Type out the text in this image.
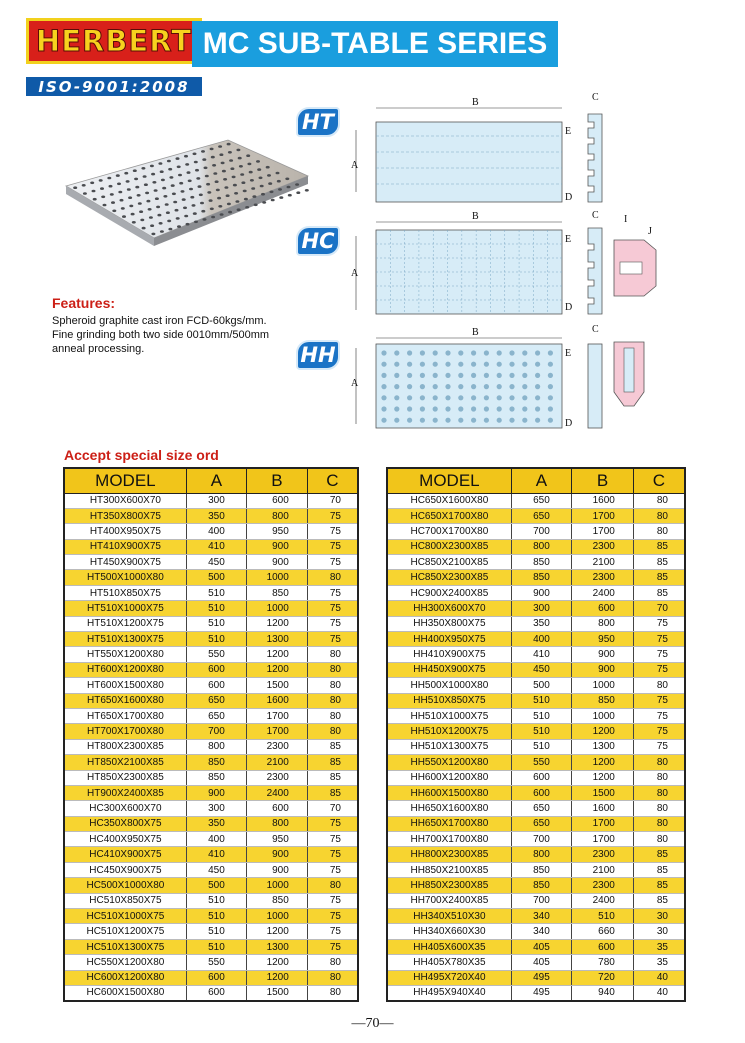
HERBERT
ISO-9001:2008
MC SUB-TABLE SERIES
Features:
Spheroid graphite cast iron FCD-60kgs/mm.
Fine grinding both two side 0010mm/500mm
anneal processing.
HT
B
A
C
E
D
HC
B
A
C
E
D
I
J
HH
B
A
C
E
D
Accept special size ord
MODEL	A	B	C
HT300X600X70	300	600	70
HT350X800X75	350	800	75
HT400X950X75	400	950	75
HT410X900X75	410	900	75
HT450X900X75	450	900	75
HT500X1000X80	500	1000	80
HT510X850X75	510	850	75
HT510X1000X75	510	1000	75
HT510X1200X75	510	1200	75
HT510X1300X75	510	1300	75
HT550X1200X80	550	1200	80
HT600X1200X80	600	1200	80
HT600X1500X80	600	1500	80
HT650X1600X80	650	1600	80
HT650X1700X80	650	1700	80
HT700X1700X80	700	1700	80
HT800X2300X85	800	2300	85
HT850X2100X85	850	2100	85
HT850X2300X85	850	2300	85
HT900X2400X85	900	2400	85
HC300X600X70	300	600	70
HC350X800X75	350	800	75
HC400X950X75	400	950	75
HC410X900X75	410	900	75
HC450X900X75	450	900	75
HC500X1000X80	500	1000	80
HC510X850X75	510	850	75
HC510X1000X75	510	1000	75
HC510X1200X75	510	1200	75
HC510X1300X75	510	1300	75
HC550X1200X80	550	1200	80
HC600X1200X80	600	1200	80
HC600X1500X80	600	1500	80
MODEL	A	B	C
HC650X1600X80	650	1600	80
HC650X1700X80	650	1700	80
HC700X1700X80	700	1700	80
HC800X2300X85	800	2300	85
HC850X2100X85	850	2100	85
HC850X2300X85	850	2300	85
HC900X2400X85	900	2400	85
HH300X600X70	300	600	70
HH350X800X75	350	800	75
HH400X950X75	400	950	75
HH410X900X75	410	900	75
HH450X900X75	450	900	75
HH500X1000X80	500	1000	80
HH510X850X75	510	850	75
HH510X1000X75	510	1000	75
HH510X1200X75	510	1200	75
HH510X1300X75	510	1300	75
HH550X1200X80	550	1200	80
HH600X1200X80	600	1200	80
HH600X1500X80	600	1500	80
HH650X1600X80	650	1600	80
HH650X1700X80	650	1700	80
HH700X1700X80	700	1700	80
HH800X2300X85	800	2300	85
HH850X2100X85	850	2100	85
HH850X2300X85	850	2300	85
HH700X2400X85	700	2400	85
HH340X510X30	340	510	30
HH340X660X30	340	660	30
HH405X600X35	405	600	35
HH405X780X35	405	780	35
HH495X720X40	495	720	40
HH495X940X40	495	940	40
—70—
